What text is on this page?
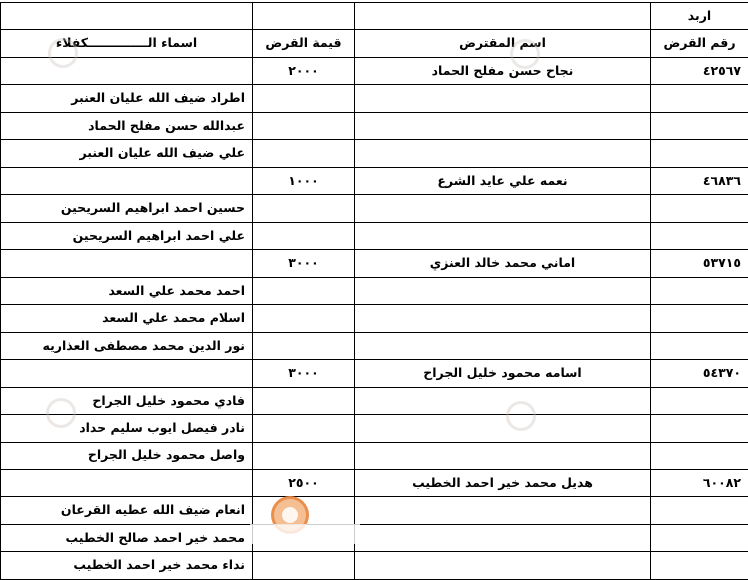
اربد			
رقم القرض	اسم المقترض	قيمة القرض	اسماء الــــــــــــــكفلاء
٤٢٥٦٧	نجاح حسن مفلح الحماد	٢٠٠٠	
			اطراد ضيف الله عليان العنبر
			عبدالله حسن مفلح الحماد
			علي ضيف الله عليان العنبر
٤٦٨٣٦	نعمه علي عايد الشرع	١٠٠٠	
			حسين احمد ابراهيم السريحين
			علي احمد ابراهيم السريحين
٥٣٧١٥	اماني محمد خالد العنزي	٣٠٠٠	
			احمد محمد علي السعد
			اسلام محمد علي السعد
			نور الدين محمد مصطفى العذاريه
٥٤٣٧٠	اسامه محمود خليل الجراح	٣٠٠٠	
			فادي محمود خليل الجراح
			نادر فيصل ايوب سليم حداد
			واصل محمود خليل الجراح
٦٠٠٨٢	هديل محمد خير احمد الخطيب	٢٥٠٠	
			انعام ضيف الله عطيه القرعان
			محمد خير احمد صالح الخطيب
			نداء محمد خير احمد الخطيب
